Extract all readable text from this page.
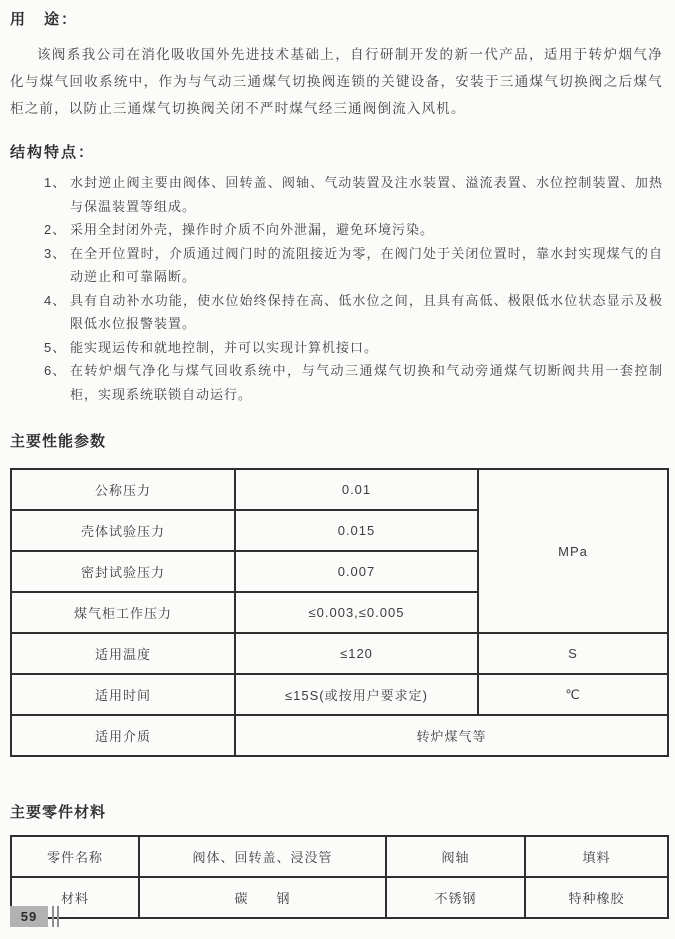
用　途：

该阀系我公司在消化吸收国外先进技术基础上，自行研制开发的新一代产品，适用于转炉烟气净化与煤气回收系统中，作为与气动三通煤气切换阀连锁的关键设备，安装于三通煤气切换阀之后煤气柜之前，以防止三通煤气切换阀关闭不严时煤气经三通阀倒流入风机。

结构特点：
1、 水封逆止阀主要由阀体、回转盖、阀轴、气动装置及注水装置、溢流表置、水位控制装置、加热与保温装置等组成。
2、 采用全封闭外壳，操作时介质不向外泄漏，避免环境污染。
3、 在全开位置时，介质通过阀门时的流阻接近为零，在阀门处于关闭位置时，靠水封实现煤气的自动逆止和可靠隔断。
4、 具有自动补水功能，使水位始终保持在高、低水位之间，且具有高低、极限低水位状态显示及极限低水位报警装置。
5、 能实现运传和就地控制，并可以实现计算机接口。
6、 在转炉烟气净化与煤气回收系统中，与气动三通煤气切换和气动旁通煤气切断阀共用一套控制柜，实现系统联锁自动运行。
主要性能参数
公称压力	0.01	MPa
壳体试验压力	0.015	
密封试验压力	0.007	
煤气柜工作压力	≤0.003,≤0.005	
适用温度	≤120	S
适用时间	≤15S(或按用户要求定)	℃
适用介质	转炉煤气等	
主要零件材料
零件名称	阀体、回转盖、浸没管	阀轴	填料
材料	碳　　钢	不锈钢	特种橡胶
59
